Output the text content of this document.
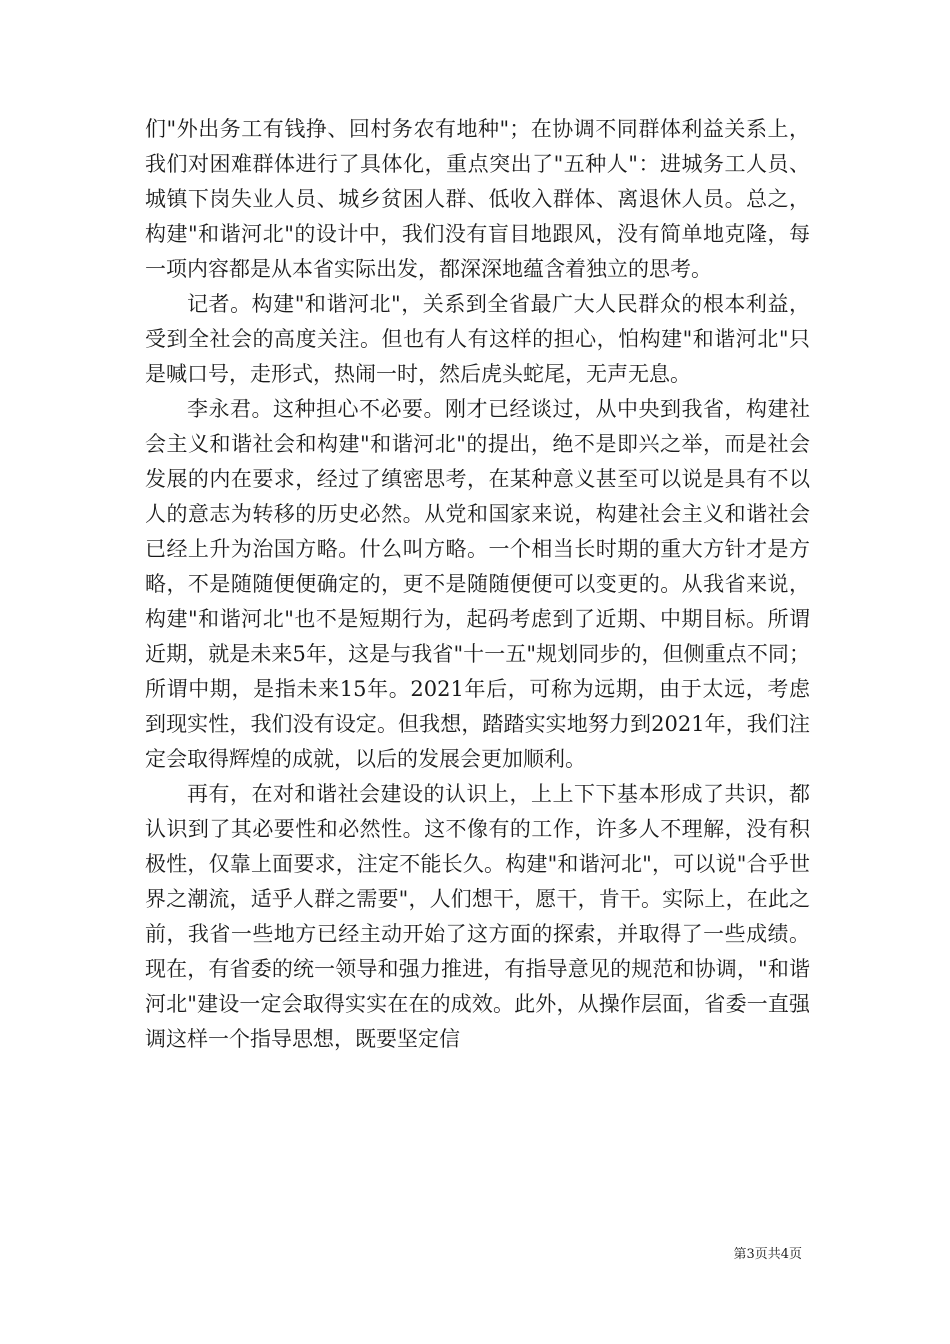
们"外出务工有钱挣、回村务农有地种"；在协调不同群体利益关系上，我们对困难群体进行了具体化，重点突出了"五种人"：进城务工人员、城镇下岗失业人员、城乡贫困人群、低收入群体、离退休人员。总之，构建"和谐河北"的设计中，我们没有盲目地跟风，没有简单地克隆，每一项内容都是从本省实际出发，都深深地蕴含着独立的思考。

记者。构建"和谐河北"，关系到全省最广大人民群众的根本利益，受到全社会的高度关注。但也有人有这样的担心，怕构建"和谐河北"只是喊口号，走形式，热闹一时，然后虎头蛇尾，无声无息。

李永君。这种担心不必要。刚才已经谈过，从中央到我省，构建社会主义和谐社会和构建"和谐河北"的提出，绝不是即兴之举，而是社会发展的内在要求，经过了缜密思考，在某种意义甚至可以说是具有不以人的意志为转移的历史必然。从党和国家来说，构建社会主义和谐社会已经上升为治国方略。什么叫方略。一个相当长时期的重大方针才是方略，不是随随便便确定的，更不是随随便便可以变更的。从我省来说，构建"和谐河北"也不是短期行为，起码考虑到了近期、中期目标。所谓近期，就是未来5年，这是与我省"十一五"规划同步的，但侧重点不同；所谓中期，是指未来15年。2021年后，可称为远期，由于太远，考虑到现实性，我们没有设定。但我想，踏踏实实地努力到2021年，我们注定会取得辉煌的成就，以后的发展会更加顺利。

再有，在对和谐社会建设的认识上，上上下下基本形成了共识，都认识到了其必要性和必然性。这不像有的工作，许多人不理解，没有积极性，仅靠上面要求，注定不能长久。构建"和谐河北"，可以说"合乎世界之潮流，适乎人群之需要"，人们想干，愿干，肯干。实际上，在此之前，我省一些地方已经主动开始了这方面的探索，并取得了一些成绩。现在，有省委的统一领导和强力推进，有指导意见的规范和协调，"和谐河北"建设一定会取得实实在在的成效。此外，从操作层面，省委一直强调这样一个指导思想，既要坚定信

第3页共4页
